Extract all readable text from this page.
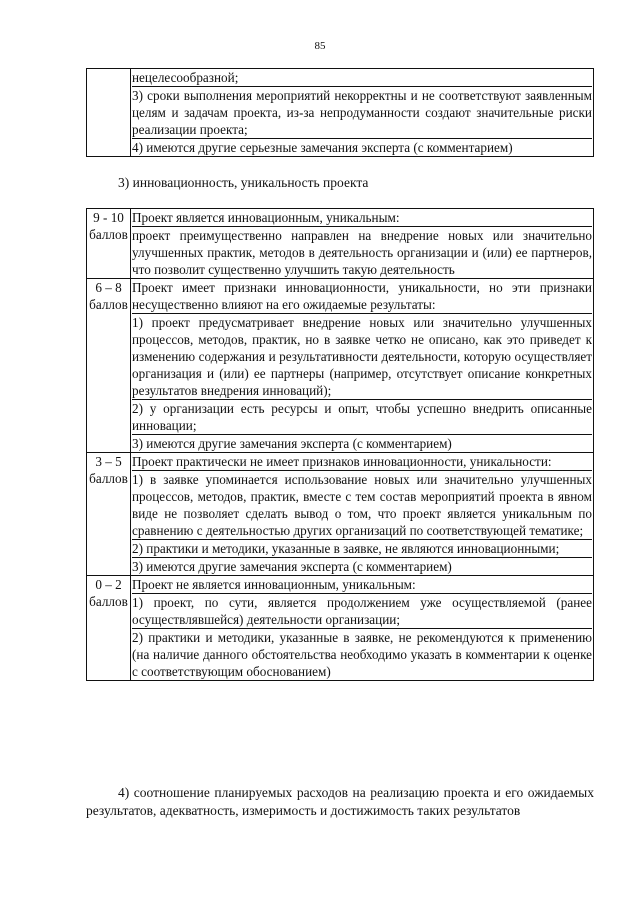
85

нецелесообразной;
3) сроки выполнения мероприятий некорректны и не соответствуют заявленным целям и задачам проекта, из-за непродуманности создают значительные риски реализации проекта;
4) имеются другие серьезные замечания эксперта (с комментарием)
3) инновационность, уникальность проекта
9 - 10
баллов	Проект является инновационным, уникальным:
проект преимущественно направлен на внедрение новых или значительно улучшенных практик, методов в деятельность организации и (или) ее партнеров, что позволит существенно улучшить такую деятельность

6 – 8
баллов	Проект имеет признаки инновационности, уникальности, но эти признаки несущественно влияют на его ожидаемые результаты:
1) проект предусматривает внедрение новых или значительно улучшенных процессов, методов, практик, но в заявке четко не описано, как это приведет к изменению содержания и результативности деятельности, которую осуществляет организация и (или) ее партнеры (например, отсутствует описание конкретных результатов внедрения инноваций);
2) у организации есть ресурсы и опыт, чтобы успешно внедрить описанные инновации;
3) имеются другие замечания эксперта (с комментарием)

3 – 5
баллов	Проект практически не имеет признаков инновационности, уникальности:
1) в заявке упоминается использование новых или значительно улучшенных процессов, методов, практик, вместе с тем состав мероприятий проекта в явном виде не позволяет сделать вывод о том, что проект является уникальным по сравнению с деятельностью других организаций по соответствующей тематике;
2) практики и методики, указанные в заявке, не являются инновационными;
3) имеются другие замечания эксперта (с комментарием)

0 – 2
баллов	Проект не является инновационным, уникальным:
1) проект, по сути, является продолжением уже осуществляемой (ранее осуществлявшейся) деятельности организации;
2) практики и методики, указанные в заявке, не рекомендуются к применению (на наличие данного обстоятельства необходимо указать в комментарии к оценке с соответствующим обоснованием)
4) соотношение планируемых расходов на реализацию проекта и его ожидаемых результатов, адекватность, измеримость и достижимость таких результатов
